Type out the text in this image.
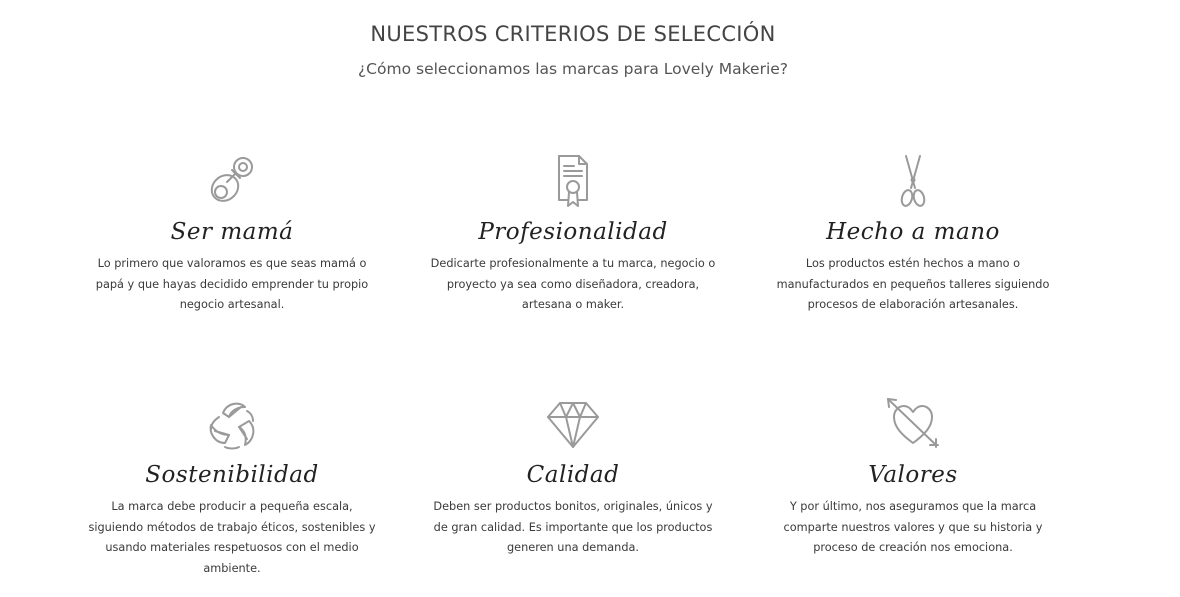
NUESTROS CRITERIOS DE SELECCIÓN
¿Cómo seleccionamos las marcas para Lovely Makerie?
Ser mamá
Lo primero que valoramos es que seas mamá o papá y que hayas decidido emprender tu propio negocio artesanal.
Profesionalidad
Dedicarte profesionalmente a tu marca, negocio o proyecto ya sea como diseñadora, creadora, artesana o maker.
Hecho a mano
Los productos estén hechos a mano o manufacturados en pequeños talleres siguiendo procesos de elaboración artesanales.
Sostenibilidad
La marca debe producir a pequeña escala, siguiendo métodos de trabajo éticos, sostenibles y usando materiales respetuosos con el medio ambiente.
Calidad
Deben ser productos bonitos, originales, únicos y de gran calidad. Es importante que los productos generen una demanda.
Valores
Y por último, nos aseguramos que la marca comparte nuestros valores y que su historia y proceso de creación nos emociona.
